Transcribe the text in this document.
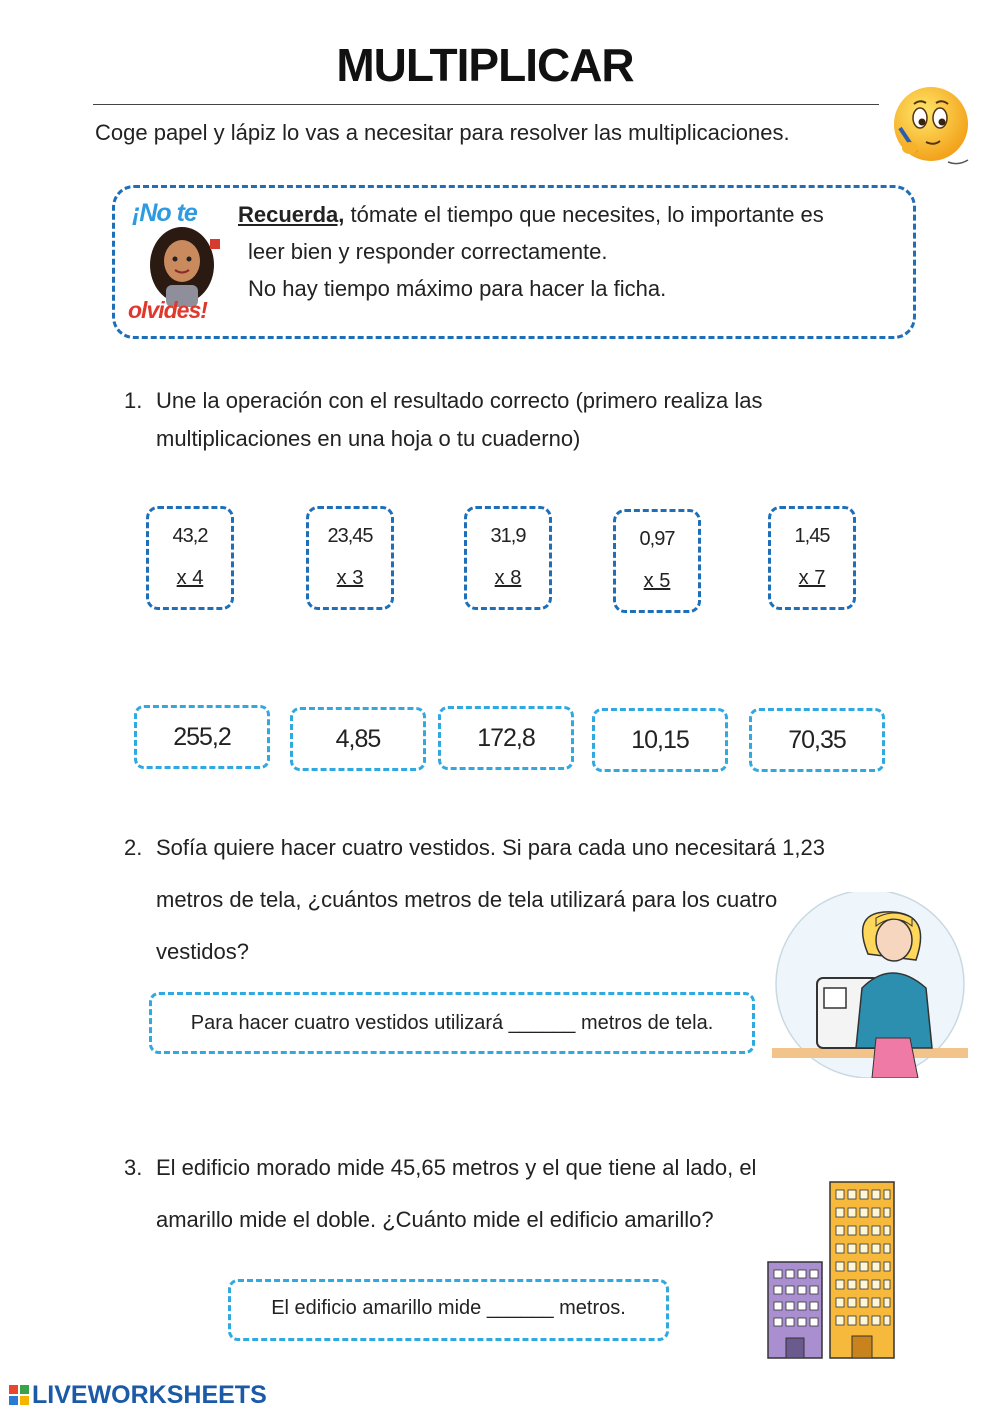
MULTIPLICAR
Coge papel y lápiz lo vas a necesitar para resolver las multiplicaciones.
¡No te
olvides!
Recuerda, tómate el tiempo que necesites, lo importante es
leer bien y responder correctamente.
No hay tiempo máximo para hacer la ficha.
1. Une la operación con el resultado correcto (primero realiza las
multiplicaciones en una hoja o tu cuaderno)
43,2
x 4
23,45
x 3
31,9
x 8
0,97
x 5
1,45
x 7
255,2	4,85	172,8	10,15	70,35
2. Sofía quiere hacer cuatro vestidos. Si para cada uno necesitará 1,23
metros de tela, ¿cuántos metros de tela utilizará para los cuatro
vestidos?
Para hacer cuatro vestidos utilizará ______ metros de tela.
3. El edificio morado mide 45,65 metros y el que tiene al lado, el
amarillo mide el doble. ¿Cuánto mide el edificio amarillo?
El edificio amarillo mide ______ metros.
LIVEWORKSHEETS
